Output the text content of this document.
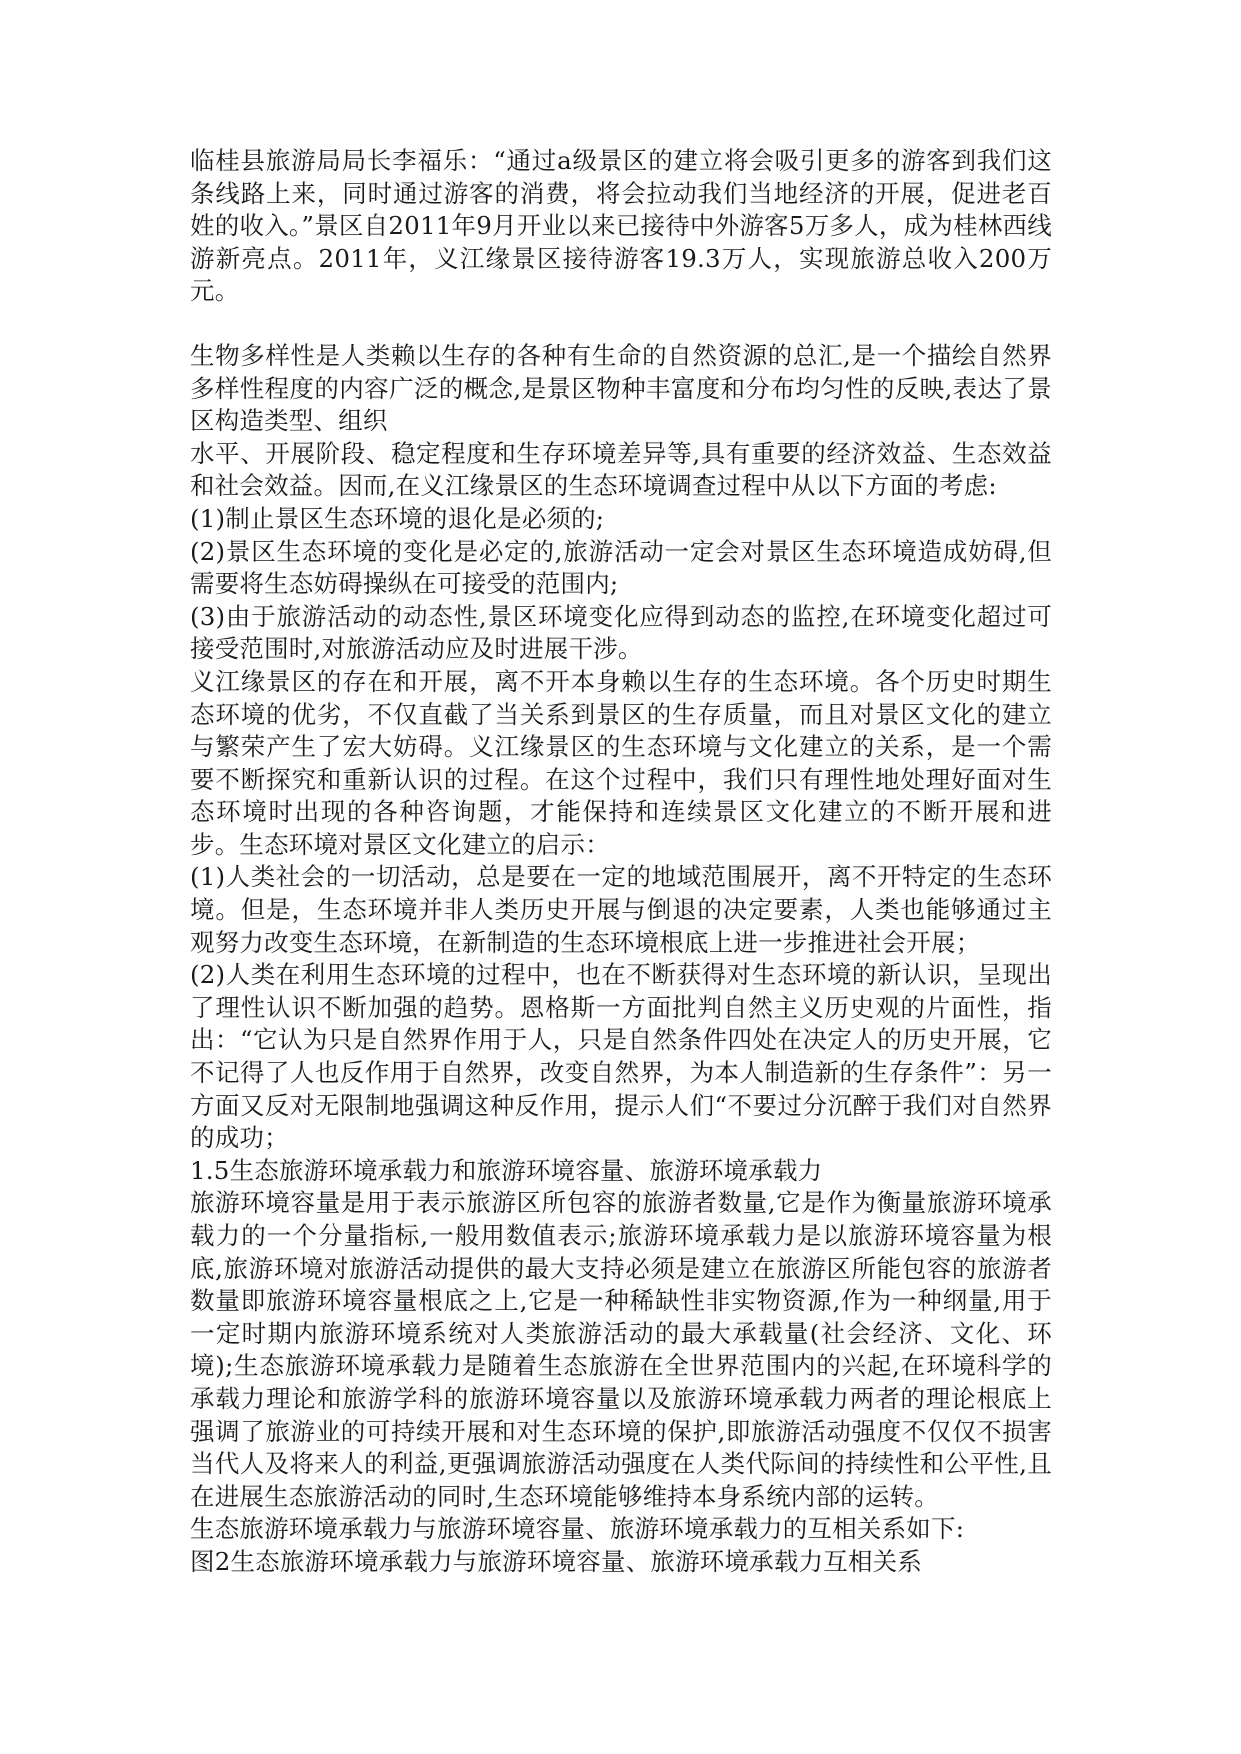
临桂县旅游局局长李福乐：“通过a级景区的建立将会吸引更多的游客到我们这条线路上来，同时通过游客的消费，将会拉动我们当地经济的开展，促进老百姓的收入。”景区自2011年9月开业以来已接待中外游客5万多人，成为桂林西线游新亮点。2011年，义江缘景区接待游客19.3万人，实现旅游总收入200万元。

生物多样性是人类赖以生存的各种有生命的自然资源的总汇,是一个描绘自然界多样性程度的内容广泛的概念,是景区物种丰富度和分布均匀性的反映,表达了景区构造类型、组织

水平、开展阶段、稳定程度和生存环境差异等,具有重要的经济效益、生态效益和社会效益。因而,在义江缘景区的生态环境调查过程中从以下方面的考虑:

(1)制止景区生态环境的退化是必须的;

(2)景区生态环境的变化是必定的,旅游活动一定会对景区生态环境造成妨碍,但需要将生态妨碍操纵在可接受的范围内;

(3)由于旅游活动的动态性,景区环境变化应得到动态的监控,在环境变化超过可接受范围时,对旅游活动应及时进展干涉。

义江缘景区的存在和开展，离不开本身赖以生存的生态环境。各个历史时期生态环境的优劣，不仅直截了当关系到景区的生存质量，而且对景区文化的建立与繁荣产生了宏大妨碍。义江缘景区的生态环境与文化建立的关系，是一个需要不断探究和重新认识的过程。在这个过程中，我们只有理性地处理好面对生态环境时出现的各种咨询题，才能保持和连续景区文化建立的不断开展和进步。生态环境对景区文化建立的启示：

(1)人类社会的一切活动，总是要在一定的地域范围展开，离不开特定的生态环境。但是，生态环境并非人类历史开展与倒退的决定要素，人类也能够通过主观努力改变生态环境，在新制造的生态环境根底上进一步推进社会开展；

(2)人类在利用生态环境的过程中，也在不断获得对生态环境的新认识，呈现出了理性认识不断加强的趋势。恩格斯一方面批判自然主义历史观的片面性，指出：“它认为只是自然界作用于人，只是自然条件四处在决定人的历史开展，它不记得了人也反作用于自然界，改变自然界，为本人制造新的生存条件”：另一方面又反对无限制地强调这种反作用，提示人们“不要过分沉醉于我们对自然界的成功；

1.5生态旅游环境承载力和旅游环境容量、旅游环境承载力

旅游环境容量是用于表示旅游区所包容的旅游者数量,它是作为衡量旅游环境承载力的一个分量指标,一般用数值表示;旅游环境承载力是以旅游环境容量为根底,旅游环境对旅游活动提供的最大支持必须是建立在旅游区所能包容的旅游者数量即旅游环境容量根底之上,它是一种稀缺性非实物资源,作为一种纲量,用于一定时期内旅游环境系统对人类旅游活动的最大承载量(社会经济、文化、环境);生态旅游环境承载力是随着生态旅游在全世界范围内的兴起,在环境科学的承载力理论和旅游学科的旅游环境容量以及旅游环境承载力两者的理论根底上强调了旅游业的可持续开展和对生态环境的保护,即旅游活动强度不仅仅不损害当代人及将来人的利益,更强调旅游活动强度在人类代际间的持续性和公平性,且在进展生态旅游活动的同时,生态环境能够维持本身系统内部的运转。

生态旅游环境承载力与旅游环境容量、旅游环境承载力的互相关系如下:

图2生态旅游环境承载力与旅游环境容量、旅游环境承载力互相关系
